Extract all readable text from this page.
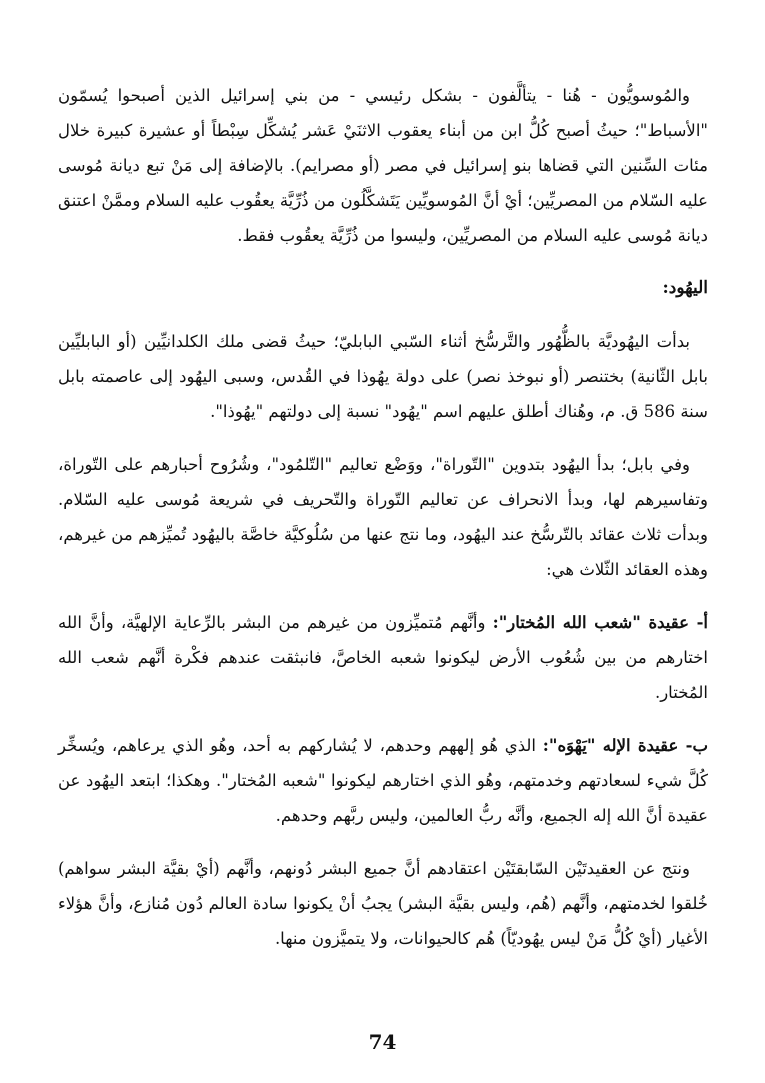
والمُوسويُّون - هُنا - يتألَّفون - بشكل رئيسي - من بني إسرائيل الذين أصبحوا يُسمّون "الأسباط"؛ حيثُ أصبح كُلُّ ابن من أبناء يعقوب الاثنَيْ عَشر يُشكِّل سِبْطاً أو عشيرة كبيرة خلال مئات السِّنين التي قضاها بنو إسرائيل في مصر (أو مصرايم). بالإضافة إلى مَنْ تبع ديانة مُوسى عليه السّلام من المصريِّين؛ أيْ أنَّ المُوسويِّين يَتَشكَّلُون من ذُرِّيَّة يعقُوب عليه السلام وممَّنْ اعتنق ديانة مُوسى عليه السلام من المصريِّين، وليسوا من ذُرِّيَّة يعقُوب فقط.

اليهُود:

بدأت اليهُوديَّة بالظُّهُور والتَّرسُّخ أثناء السّبي البابليّ؛ حيثُ قضى ملك الكلدانيِّين (أو البابليِّين بابل الثّانية) بختنصر (أو نبوخذ نصر) على دولة يهُوذا في القُدس، وسبى اليهُود إلى عاصمته بابل سنة 586 ق. م، وهُناك أطلق عليهم اسم "يهُود" نسبة إلى دولتهم "يهُوذا".

وفي بابل؛ بدأ اليهُود بتدوين "التّوراة"، ووَضْع تعاليم "التّلمُود"، وشُرُوح أحبارهم على التّوراة، وتفاسيرهم لها، وبدأ الانحراف عن تعاليم التّوراة والتّحريف في شريعة مُوسى عليه السّلام. وبدأت ثلاث عقائد بالتّرسُّخ عند اليهُود، وما نتج عنها من سُلُوكيَّة خاصَّة باليهُود تُميِّزهم من غيرهم، وهذه العقائد الثّلاث هي:

أ- عقيدة "شعب الله المُختار": وأنَّهم مُتميِّزون من غيرهم من البشر بالرِّعاية الإلهيَّة، وأنَّ الله اختارهم من بين شُعُوب الأرض ليكونوا شعبه الخاصَّ، فانبثقت عندهم فكْرة أنَّهم شعب الله المُختار.

ب- عقيدة الإله "يَهْوَه": الذي هُو إلههم وحدهم، لا يُشاركهم به أحد، وهُو الذي يرعاهم، ويُسخِّر كُلَّ شيء لسعادتهم وخدمتهم، وهُو الذي اختارهم ليكونوا "شعبه المُختار". وهكذا؛ ابتعد اليهُود عن عقيدة أنَّ الله إله الجميع، وأنَّه ربُّ العالمين، وليس ربَّهم وحدهم.

ونتج عن العقيدتَيْن السّابقتَيْن اعتقادهم أنَّ جميع البشر دُونهم، وأنَّهم (أيْ بقيَّة البشر سواهم) خُلقوا لخدمتهم، وأنَّهم (هُم، وليس بقيَّة البشر) يجبُ أنْ يكونوا سادة العالم دُون مُنازع، وأنَّ هؤلاء الأغيار (أيْ كُلُّ مَنْ ليس يهُوديّاً) هُم كالحيوانات، ولا يتميَّزون منها.

74
